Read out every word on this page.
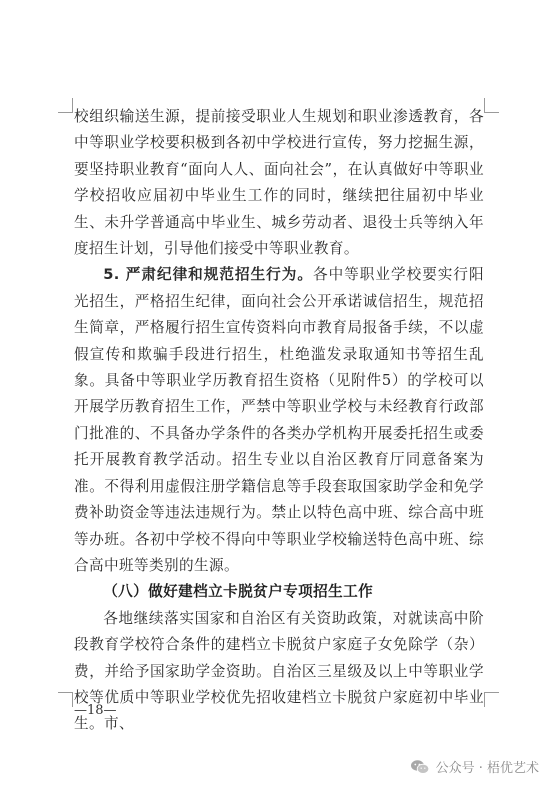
校组织输送生源，提前接受职业人生规划和职业渗透教育，各中等职业学校要积极到各初中学校进行宣传，努力挖掘生源，要坚持职业教育“面向人人、面向社会”，在认真做好中等职业学校招收应届初中毕业生工作的同时，继续把往届初中毕业生、未升学普通高中毕业生、城乡劳动者、退役士兵等纳入年度招生计划，引导他们接受中等职业教育。

5. 严肃纪律和规范招生行为。各中等职业学校要实行阳光招生，严格招生纪律，面向社会公开承诺诚信招生，规范招生简章，严格履行招生宣传资料向市教育局报备手续，不以虚假宣传和欺骗手段进行招生，杜绝滥发录取通知书等招生乱象。具备中等职业学历教育招生资格（见附件5）的学校可以开展学历教育招生工作，严禁中等职业学校与未经教育行政部门批准的、不具备办学条件的各类办学机构开展委托招生或委托开展教育教学活动。招生专业以自治区教育厅同意备案为准。不得利用虚假注册学籍信息等手段套取国家助学金和免学费补助资金等违法违规行为。禁止以特色高中班、综合高中班等办班。各初中学校不得向中等职业学校输送特色高中班、综合高中班等类别的生源。

（八）做好建档立卡脱贫户专项招生工作

各地继续落实国家和自治区有关资助政策，对就读高中阶段教育学校符合条件的建档立卡脱贫户家庭子女免除学（杂）费，并给予国家助学金资助。自治区三星级及以上中等职业学校等优质中等职业学校优先招收建档立卡脱贫户家庭初中毕业生。市、

—18—
公众号 · 梧优艺术
